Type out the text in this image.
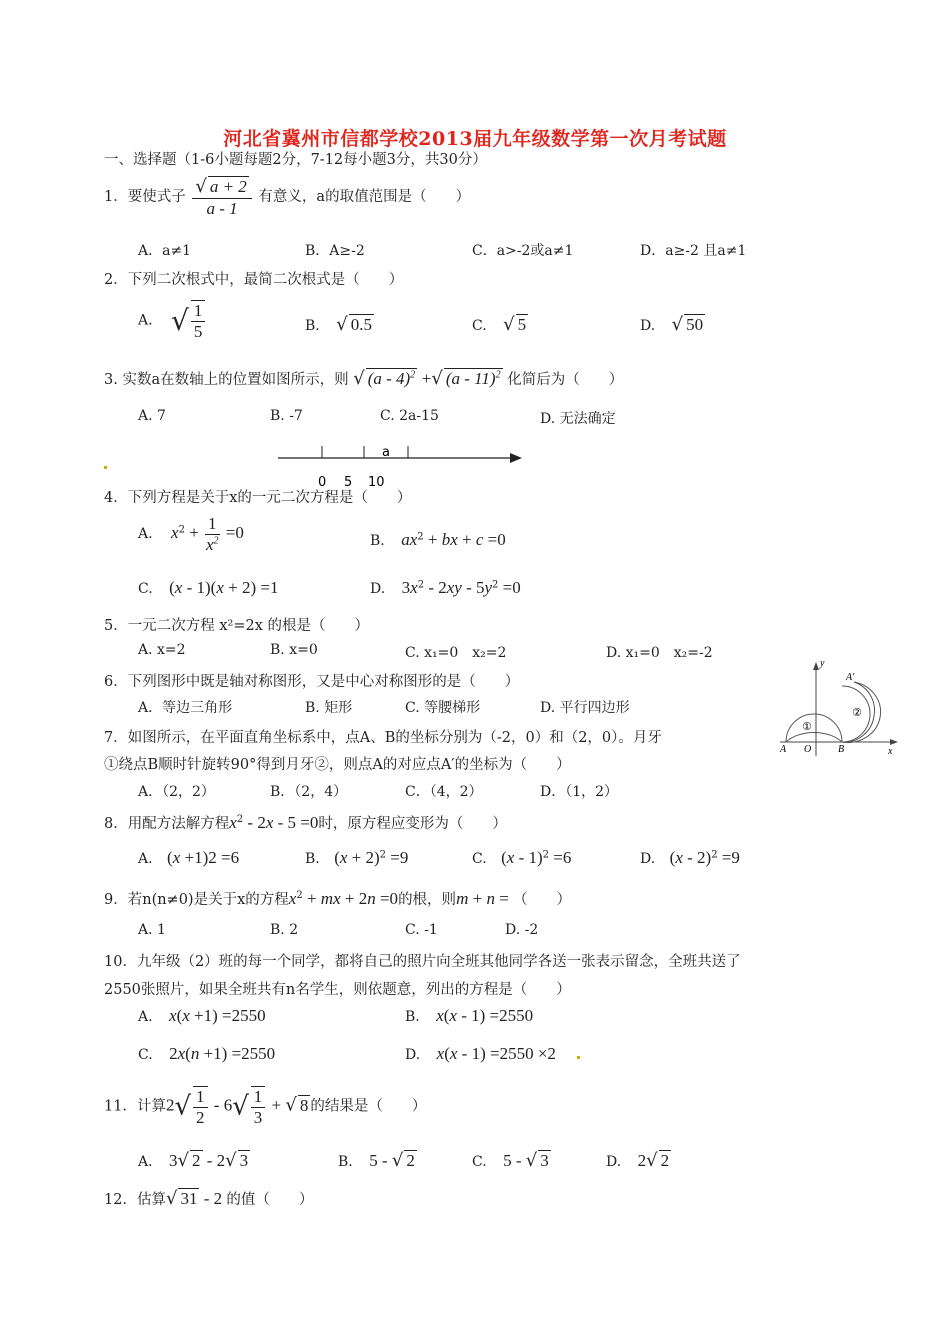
河北省冀州市信都学校2013届九年级数学第一次月考试题
一、选择题（1-6小题每题2分，7-12每小题3分，共30分）
1．要使式子 $\frac{√ a + 2}{a - 1}$ 有意义，a的取值范围是（　　）
A．a≠1	B．A≥-2	C．a>-2或a≠1	D．a≥-2 且a≠1
2．下列二次根式中，最简二次根式是（　　）
A. √ $\frac{1}{5}$	B. √ 0.5	C. √ 5	D. √ 50
3. 实数a在数轴上的位置如图所示，则 √ (a - 4)$^2$ +√ (a - 11)$^2$ 化简后为（　　）
A. 7	B. -7	C. 2a-15	D. 无法确定
a
0 5 10
4．下列方程是关于x的一元二次方程是（　　）
A. $x^2 + \frac{1}{x^2} =0$	B. $ax^2$ + bx + c =0
C. (x - 1)(x + 2) =1	D. $3x^2 - 2xy - 5y^2 =0$
5．一元二次方程 x²=2x 的根是（　　）
A. x=2	B. x=0	C. x₁=0　x₂=2	D. x₁=0　x₂=-2
6．下列图形中既是轴对称图形，又是中心对称图形的是（　　）
A．等边三角形	B. 矩形	C. 等腰梯形	D. 平行四边形
7．如图所示，在平面直角坐标系中，点A、B的坐标分别为（-2，0）和（2，0）。月牙
①绕点B顺时针旋转90°得到月牙②，则点A的对应点A′的坐标为（　　）
A．（2，2）	B．（2，4）	C．（4，2）	D．（1，2）
y
x
A O	B
A′
①
②
8．用配方法解方程$x^2 - 2x - 5 =0$时，原方程应变形为（　　）
A. (x +1)2 =6	B. $(x + 2)^2 =9$	C. (x - 1)$^2$ =6	D. (x - 2)$^2$ =9
9．若n(n≠0)是关于x的方程$x^2$ + mx + 2n =0的根，则m + n = （　　）
A. 1	B. 2	C. -1	D. -2
10．九年级（2）班的每一个同学，都将自己的照片向全班其他同学各送一张表示留念，全班共送了
2550张照片，如果全班共有n名学生，则依题意，列出的方程是（　　）
A. x(x +1) =2550	B. x(x - 1) =2550
C. 2x(n +1) =2550	D. x(x - 1) =2550 ×2
11．计算$2√ \frac{1}{2} - 6√ \frac{1}{3}$ + √ 8 的结果是（　　）
A. 3√ 2 - 2√ 3	B. 5 - √ 2	C. 5 - √ 3	D. 2√ 2
12．估算√ 31 - 2 的值（　　）
